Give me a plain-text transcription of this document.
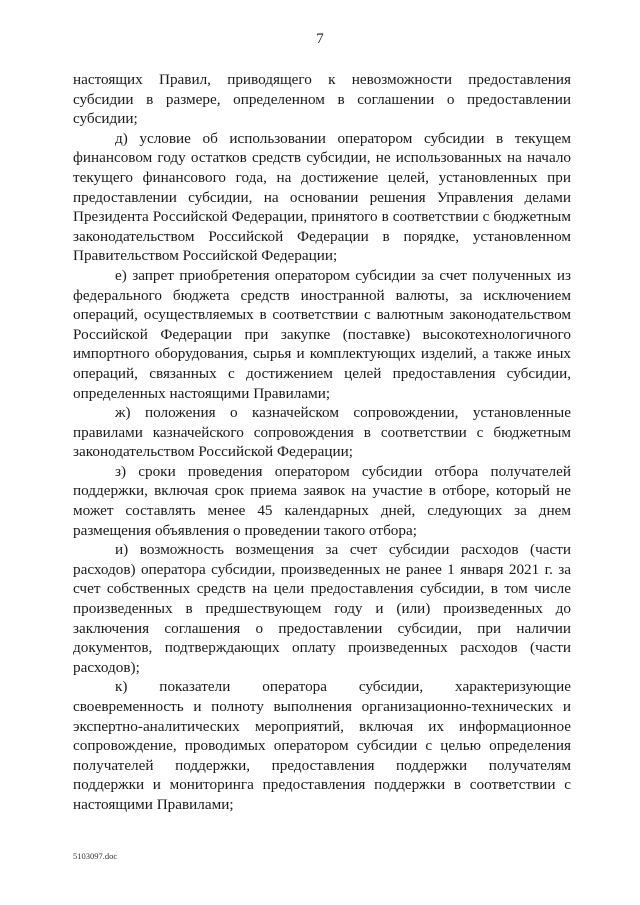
7

настоящих Правил, приводящего к невозможности предоставления субсидии в размере, определенном в соглашении о предоставлении субсидии;

д) условие об использовании оператором субсидии в текущем финансовом году остатков средств субсидии, не использованных на начало текущего финансового года, на достижение целей, установленных при предоставлении субсидии, на основании решения Управления делами Президента Российской Федерации, принятого в соответствии с бюджетным законодательством Российской Федерации в порядке, установленном Правительством Российской Федерации;

е) запрет приобретения оператором субсидии за счет полученных из федерального бюджета средств иностранной валюты, за исключением операций, осуществляемых в соответствии с валютным законодательством Российской Федерации при закупке (поставке) высокотехнологичного импортного оборудования, сырья и комплектующих изделий, а также иных операций, связанных с достижением целей предоставления субсидии, определенных настоящими Правилами;

ж) положения о казначейском сопровождении, установленные правилами казначейского сопровождения в соответствии с бюджетным законодательством Российской Федерации;

з) сроки проведения оператором субсидии отбора получателей поддержки, включая срок приема заявок на участие в отборе, который не может составлять менее 45 календарных дней, следующих за днем размещения объявления о проведении такого отбора;

и) возможность возмещения за счет субсидии расходов (части расходов) оператора субсидии, произведенных не ранее 1 января 2021 г. за счет собственных средств на цели предоставления субсидии, в том числе произведенных в предшествующем году и (или) произведенных до заключения соглашения о предоставлении субсидии, при наличии документов, подтверждающих оплату произведенных расходов (части расходов);

к) показатели оператора субсидии, характеризующие своевременность и полноту выполнения организационно-технических и экспертно-аналитических мероприятий, включая их информационное сопровождение, проводимых оператором субсидии с целью определения получателей поддержки, предоставления поддержки получателям поддержки и мониторинга предоставления поддержки в соответствии с настоящими Правилами;

5103097.doc
